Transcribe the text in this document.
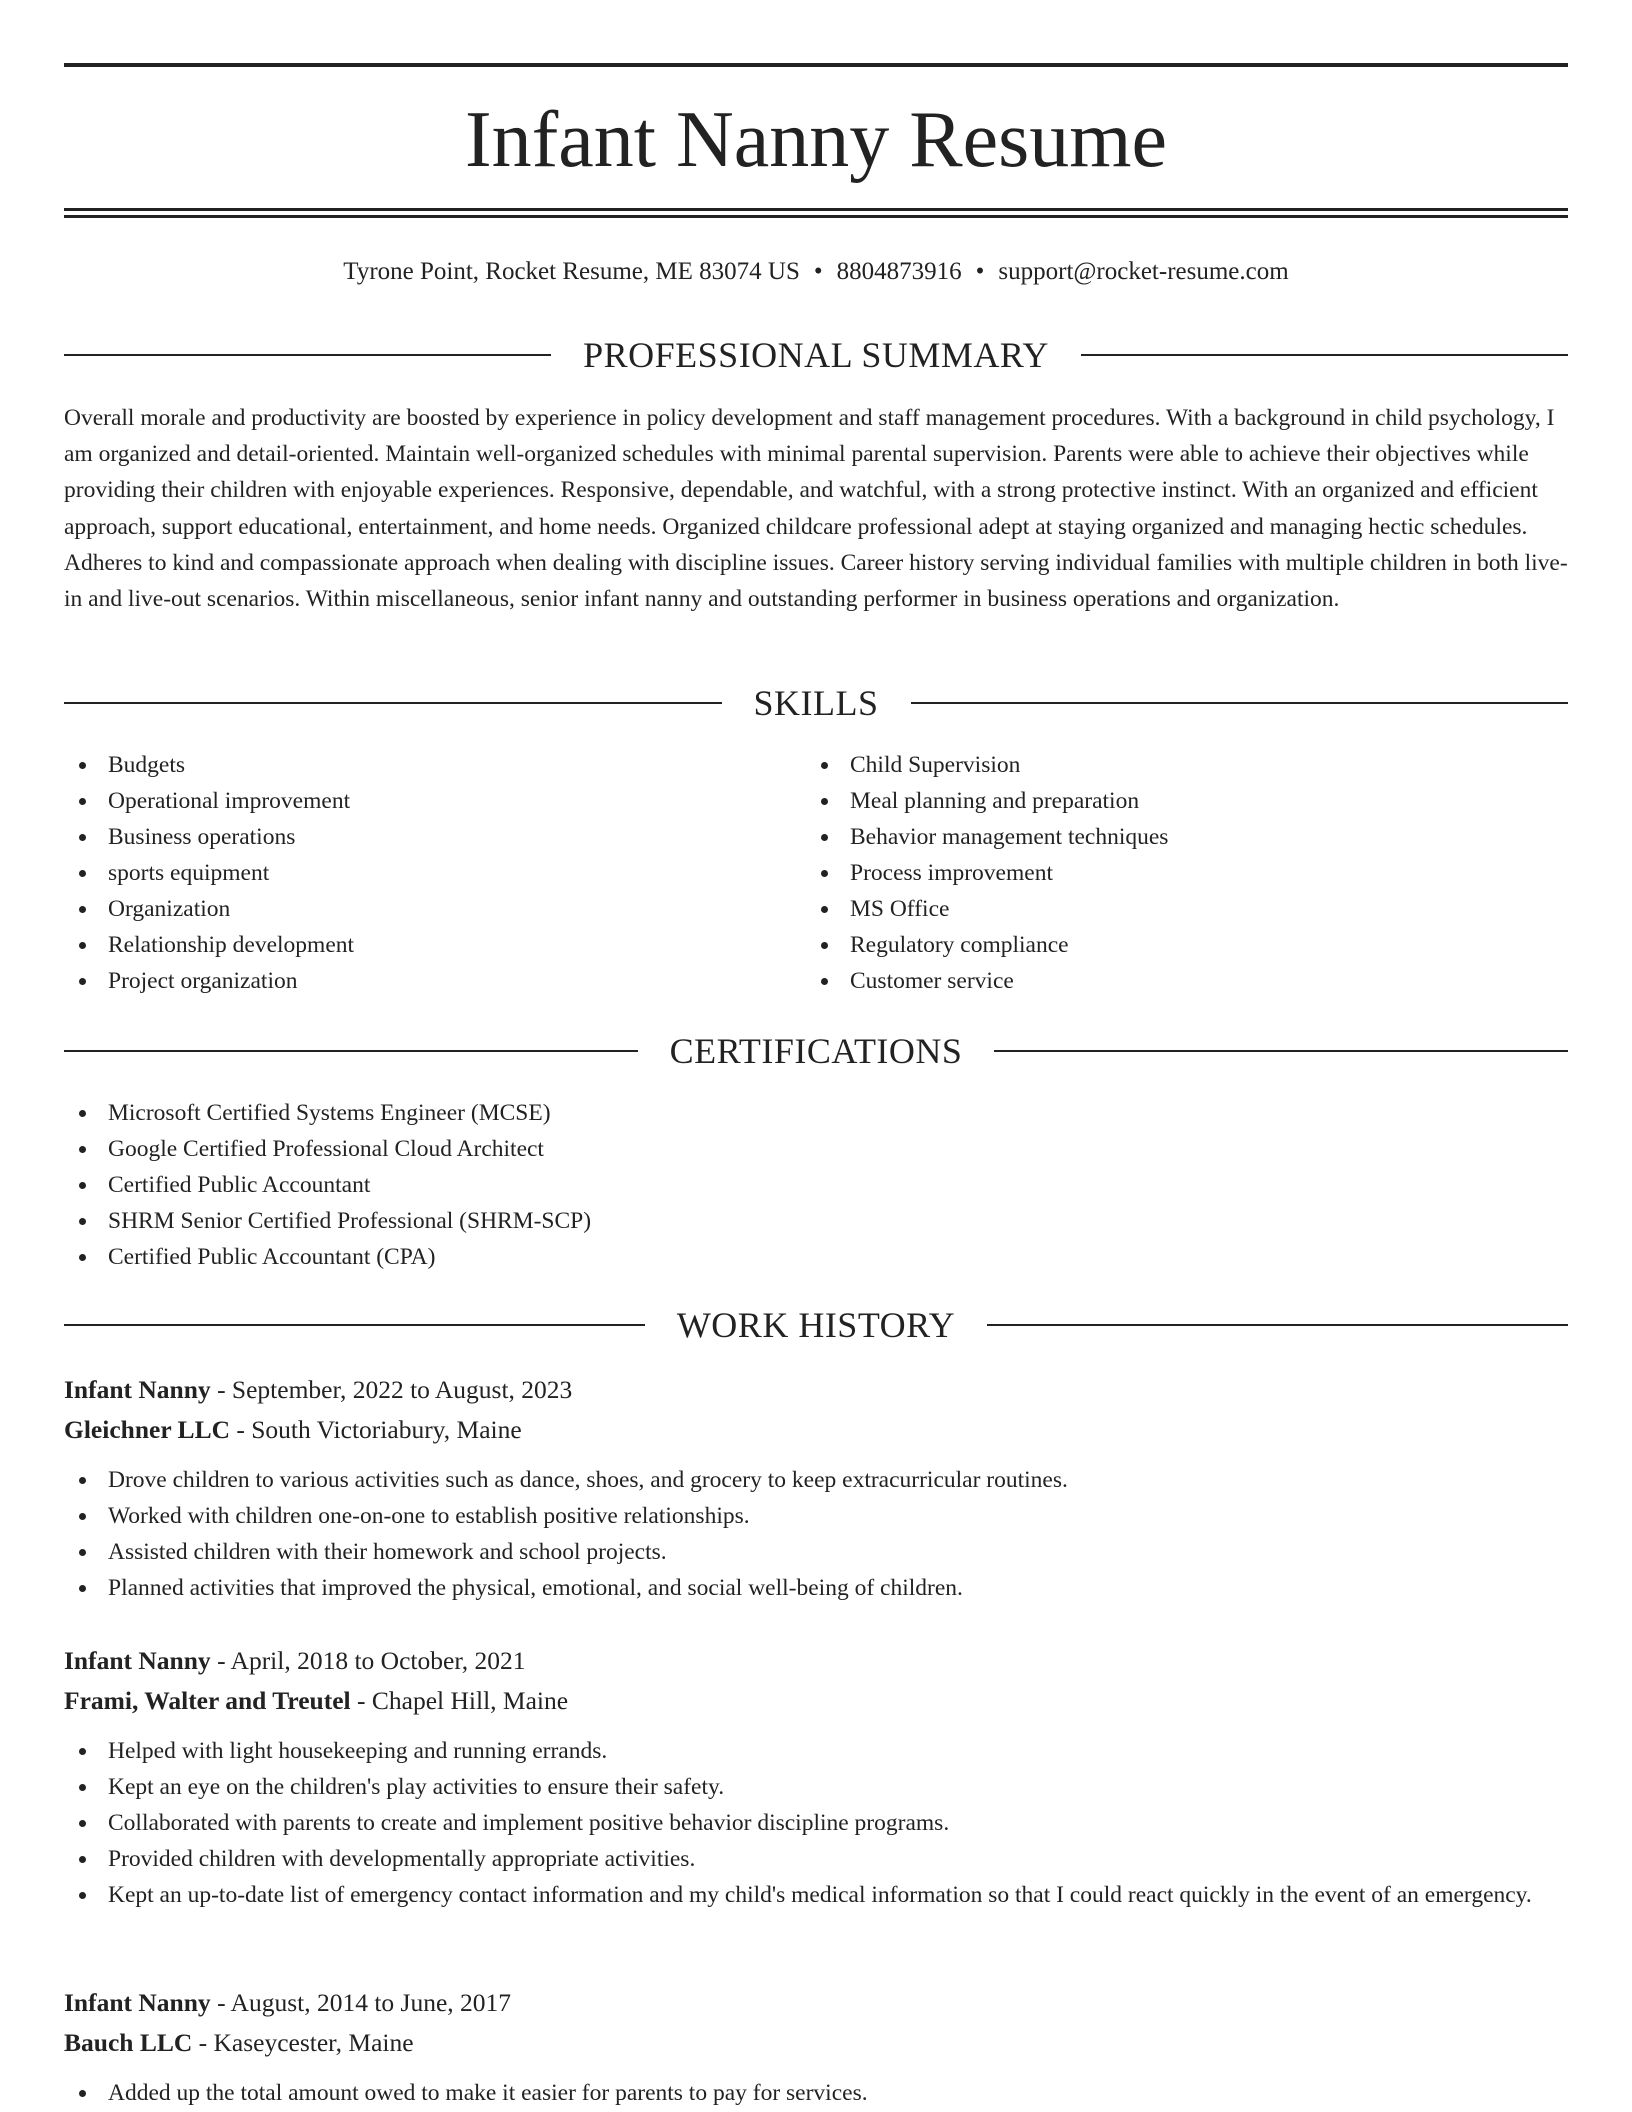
Infant Nanny Resume
Tyrone Point, Rocket Resume, ME 83074 US • 8804873916 • support@rocket-resume.com
PROFESSIONAL SUMMARY

Overall morale and productivity are boosted by experience in policy development and staff management procedures. With a background in child psychology, I am organized and detail-oriented. Maintain well-organized schedules with minimal parental supervision. Parents were able to achieve their objectives while providing their children with enjoyable experiences. Responsive, dependable, and watchful, with a strong protective instinct. With an organized and efficient approach, support educational, entertainment, and home needs. Organized childcare professional adept at staying organized and managing hectic schedules. Adheres to kind and compassionate approach when dealing with discipline issues. Career history serving individual families with multiple children in both live-in and live-out scenarios. Within miscellaneous, senior infant nanny and outstanding performer in business operations and organization.

SKILLS
Budgets
Operational improvement
Business operations
sports equipment
Organization
Relationship development
Project organization
Child Supervision
Meal planning and preparation
Behavior management techniques
Process improvement
MS Office
Regulatory compliance
Customer service
CERTIFICATIONS
Microsoft Certified Systems Engineer (MCSE)
Google Certified Professional Cloud Architect
Certified Public Accountant
SHRM Senior Certified Professional (SHRM-SCP)
Certified Public Accountant (CPA)
WORK HISTORY
Infant Nanny - September, 2022 to August, 2023
Gleichner LLC - South Victoriabury, Maine
Drove children to various activities such as dance, shoes, and grocery to keep extracurricular routines.
Worked with children one-on-one to establish positive relationships.
Assisted children with their homework and school projects.
Planned activities that improved the physical, emotional, and social well-being of children.
Infant Nanny - April, 2018 to October, 2021
Frami, Walter and Treutel - Chapel Hill, Maine
Helped with light housekeeping and running errands.
Kept an eye on the children's play activities to ensure their safety.
Collaborated with parents to create and implement positive behavior discipline programs.
Provided children with developmentally appropriate activities.
Kept an up-to-date list of emergency contact information and my child's medical information so that I could react quickly in the event of an emergency.
Infant Nanny - August, 2014 to June, 2017
Bauch LLC - Kaseycester, Maine
Added up the total amount owed to make it easier for parents to pay for services.
